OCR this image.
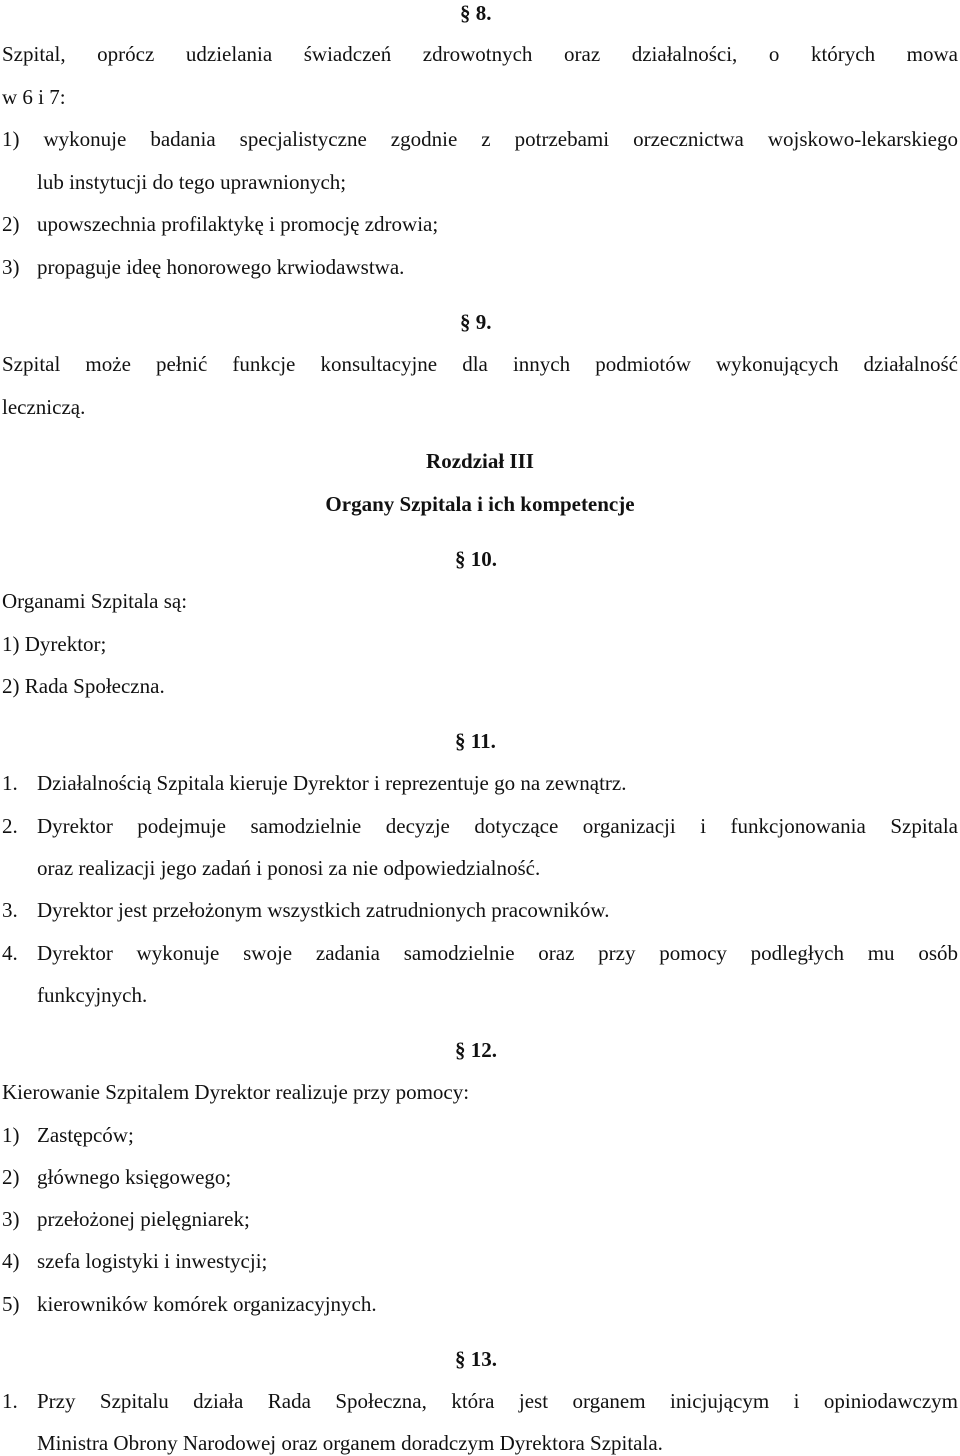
§ 8.
Szpital, oprócz udzielania świadczeń zdrowotnych oraz działalności, o których mowa
w 6 i 7:
1) wykonuje badania specjalistyczne zgodnie z potrzebami orzecznictwa wojskowo-lekarskiego
lub instytucji do tego uprawnionych;
2) upowszechnia profilaktykę i promocję zdrowia;
3) propaguje ideę honorowego krwiodawstwa.
§ 9.
Szpital może pełnić funkcje konsultacyjne dla innych podmiotów wykonujących działalność
leczniczą.
Rozdział III
Organy Szpitala i ich kompetencje
§ 10.
Organami Szpitala są:
1) Dyrektor;
2) Rada Społeczna.
§ 11.
1. Działalnością Szpitala kieruje Dyrektor i reprezentuje go na zewnątrz.
2. Dyrektor podejmuje samodzielnie decyzje dotyczące organizacji i funkcjonowania Szpitala
oraz realizacji jego zadań i ponosi za nie odpowiedzialność.
3. Dyrektor jest przełożonym wszystkich zatrudnionych pracowników.
4. Dyrektor wykonuje swoje zadania samodzielnie oraz przy pomocy podległych mu osób
funkcyjnych.
§ 12.
Kierowanie Szpitalem Dyrektor realizuje przy pomocy:
1) Zastępców;
2) głównego księgowego;
3) przełożonej pielęgniarek;
4) szefa logistyki i inwestycji;
5) kierowników komórek organizacyjnych.
§ 13.
1. Przy Szpitalu działa Rada Społeczna, która jest organem inicjującym i opiniodawczym
Ministra Obrony Narodowej oraz organem doradczym Dyrektora Szpitala.
